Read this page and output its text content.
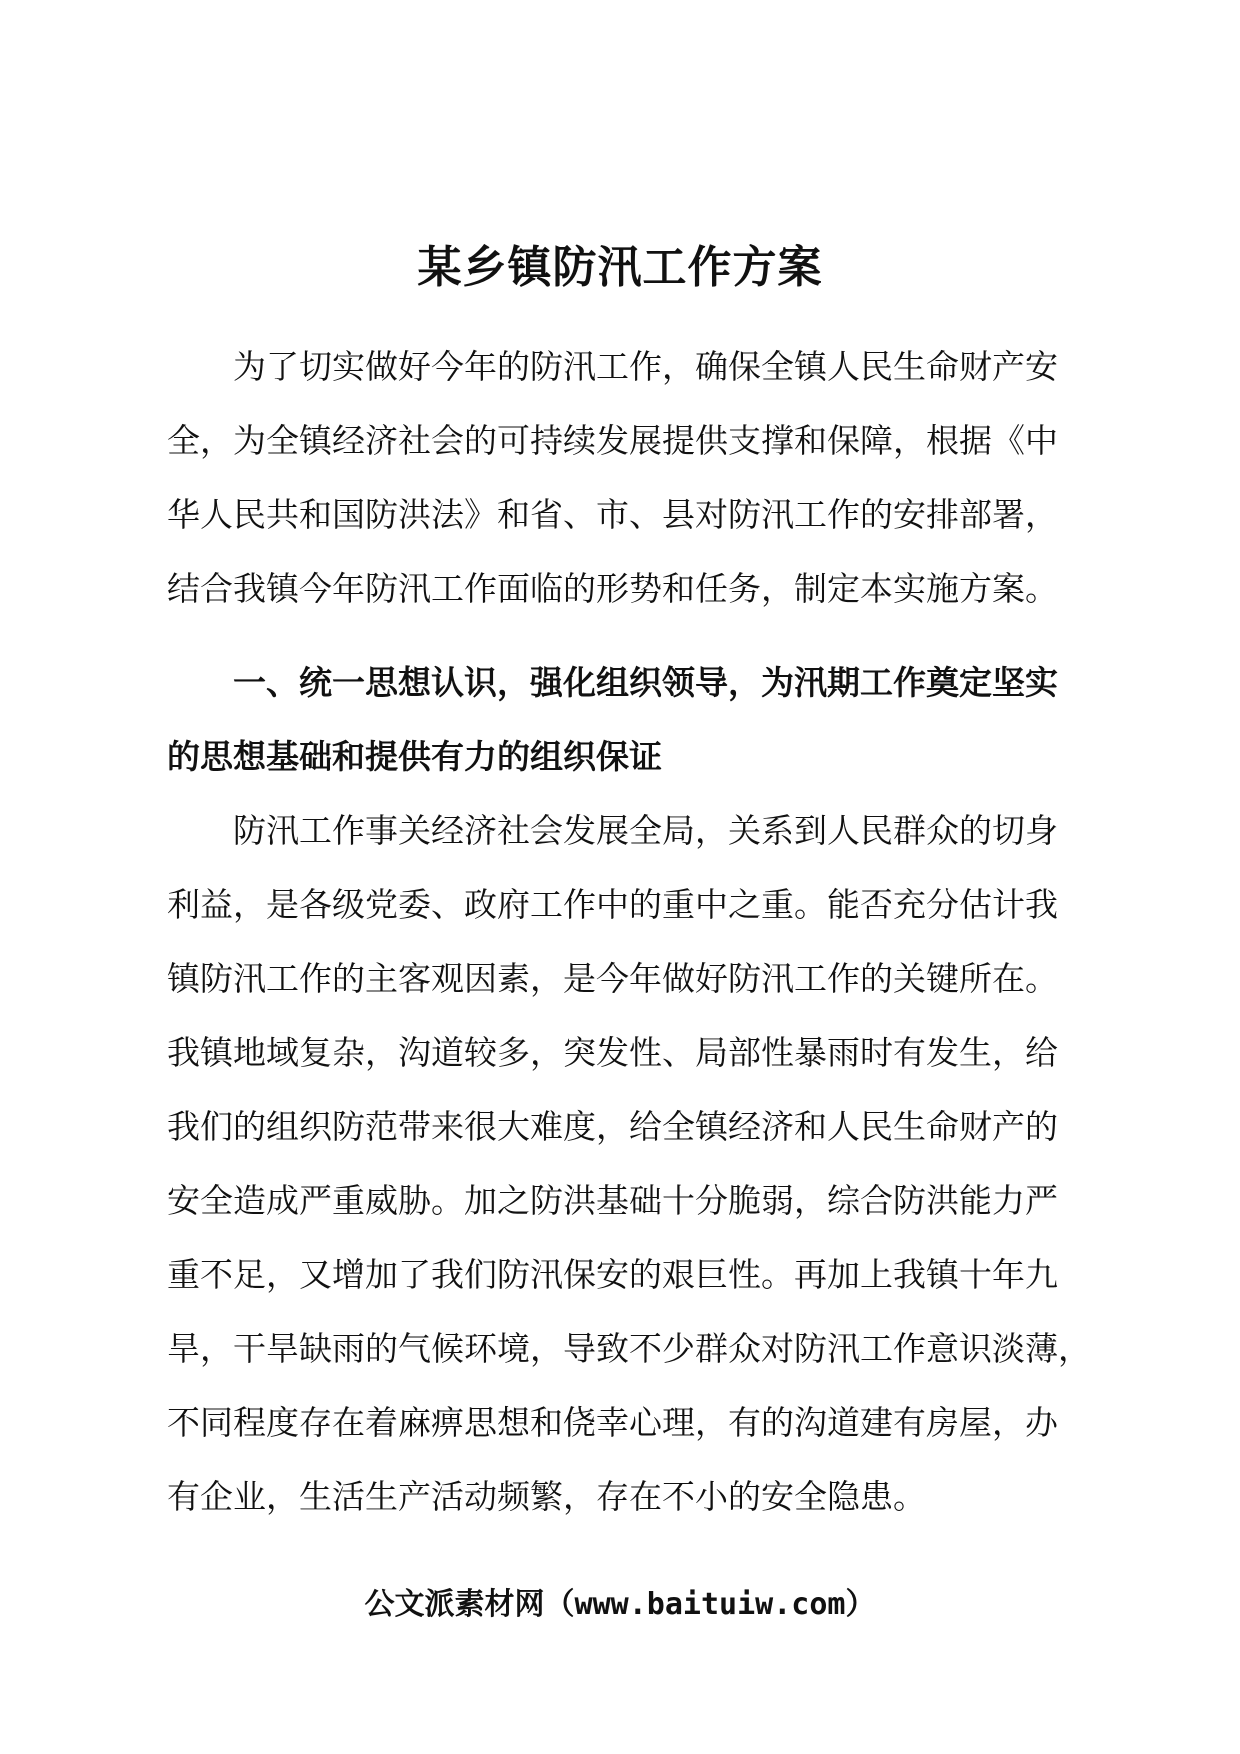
某乡镇防汛工作方案
为了切实做好今年的防汛工作，确保全镇人民生命财产安
全，为全镇经济社会的可持续发展提供支撑和保障，根据《中
华人民共和国防洪法》和省、市、县对防汛工作的安排部署，
结合我镇今年防汛工作面临的形势和任务，制定本实施方案。
一、统一思想认识，强化组织领导，为汛期工作奠定坚实
的思想基础和提供有力的组织保证
防汛工作事关经济社会发展全局，关系到人民群众的切身
利益，是各级党委、政府工作中的重中之重。能否充分估计我
镇防汛工作的主客观因素，是今年做好防汛工作的关键所在。
我镇地域复杂，沟道较多，突发性、局部性暴雨时有发生，给
我们的组织防范带来很大难度，给全镇经济和人民生命财产的
安全造成严重威胁。加之防洪基础十分脆弱，综合防洪能力严
重不足，又增加了我们防汛保安的艰巨性。再加上我镇十年九
旱，干旱缺雨的气候环境，导致不少群众对防汛工作意识淡薄，
不同程度存在着麻痹思想和侥幸心理，有的沟道建有房屋，办
有企业，生活生产活动频繁，存在不小的安全隐患。
公文派素材网（www.baituiw.com）
